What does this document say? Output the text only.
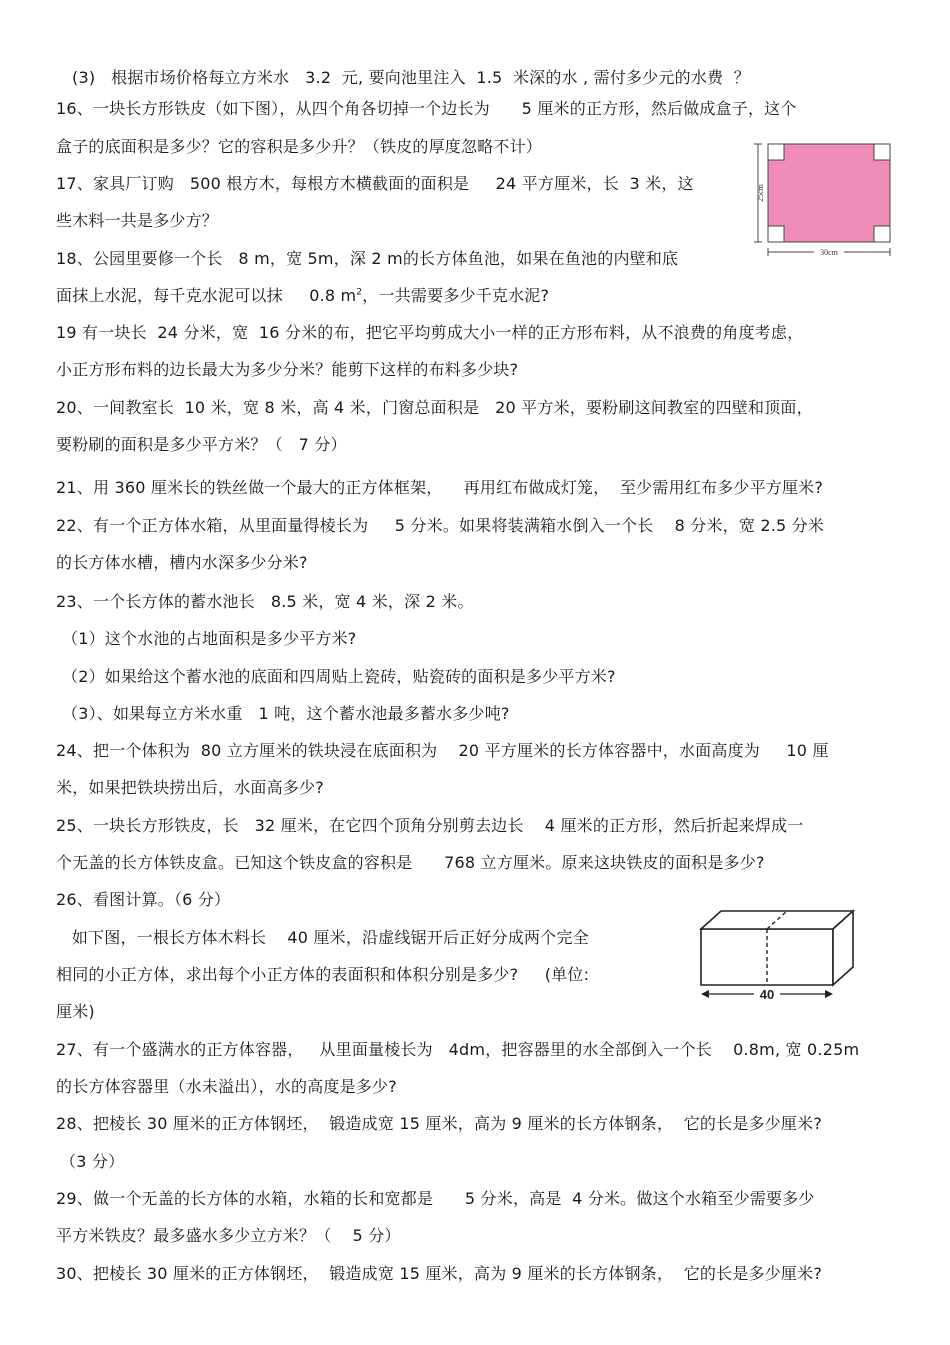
(3)   根据市场价格每立方米水   3.2  元, 要向池里注入  1.5  米深的水 , 需付多少元的水费  ？
16、一块长方形铁皮（如下图），从四个角各切掉一个边长为      5 厘米的正方形，然后做成盒子，这个
盒子的底面积是多少？它的容积是多少升？（铁皮的厚度忽略不计）
17、家具厂订购   500 根方木，每根方木横截面的面积是     24 平方厘米，长  3 米，这
些木料一共是多少方？
18、公园里要修一个长   8 m，宽 5m，深 2 m的长方体鱼池，如果在鱼池的内壁和底
面抹上水泥，每千克水泥可以抹     0.8 $m^2$，一共需要多少千克水泥?
19 有一块长  24 分米，宽  16 分米的布，把它平均剪成大小一样的正方形布料，从不浪费的角度考虑，
小正方形布料的边长最大为多少分米？能剪下这样的布料多少块?
20、一间教室长  10 米，宽 8 米，高 4 米，门窗总面积是   20 平方米，要粉刷这间教室的四壁和顶面，
要粉刷的面积是多少平方米？（   7 分）
21、用 360 厘米长的铁丝做一个最大的正方体框架，    再用红布做成灯笼，  至少需用红布多少平方厘米?
22、有一个正方体水箱，从里面量得棱长为     5 分米。如果将装满箱水倒入一个长    8 分米，宽 2.5 分米
的长方体水槽，槽内水深多少分米?
23、一个长方体的蓄水池长   8.5 米，宽 4 米，深 2 米。
（1）这个水池的占地面积是多少平方米?
（2）如果给这个蓄水池的底面和四周贴上瓷砖，贴瓷砖的面积是多少平方米?
（3）、如果每立方米水重   1 吨，这个蓄水池最多蓄水多少吨?
24、把一个体积为  80 立方厘米的铁块浸在底面积为    20 平方厘米的长方体容器中，水面高度为     10 厘
米，如果把铁块捞出后，水面高多少?
25、一块长方形铁皮，长   32 厘米，在它四个顶角分别剪去边长    4 厘米的正方形，然后折起来焊成一
个无盖的长方体铁皮盒。已知这个铁皮盒的容积是      768 立方厘米。原来这块铁皮的面积是多少?
26、看图计算。（6 分）
如下图，一根长方体木料长    40 厘米，沿虚线锯开后正好分成两个完全
相同的小正方体，求出每个小正方体的表面积和体积分别是多少?     (单位:
厘米)
27、有一个盛满水的正方体容器，   从里面量棱长为   4dm，把容器里的水全部倒入一个长    0.8m, 宽 0.25m
的长方体容器里（水未溢出），水的高度是多少?
28、把棱长 30 厘米的正方体钢坯，  锻造成宽 15 厘米，高为 9 厘米的长方体钢条，  它的长是多少厘米?
（3 分）
29、做一个无盖的长方体的水箱，水箱的长和宽都是      5 分米，高是  4 分米。做这个水箱至少需要多少
平方米铁皮？最多盛水多少立方米？（    5 分）
30、把棱长 30 厘米的正方体钢坯，  锻造成宽 15 厘米，高为 9 厘米的长方体钢条，  它的长是多少厘米?
25cm
30cm
40
